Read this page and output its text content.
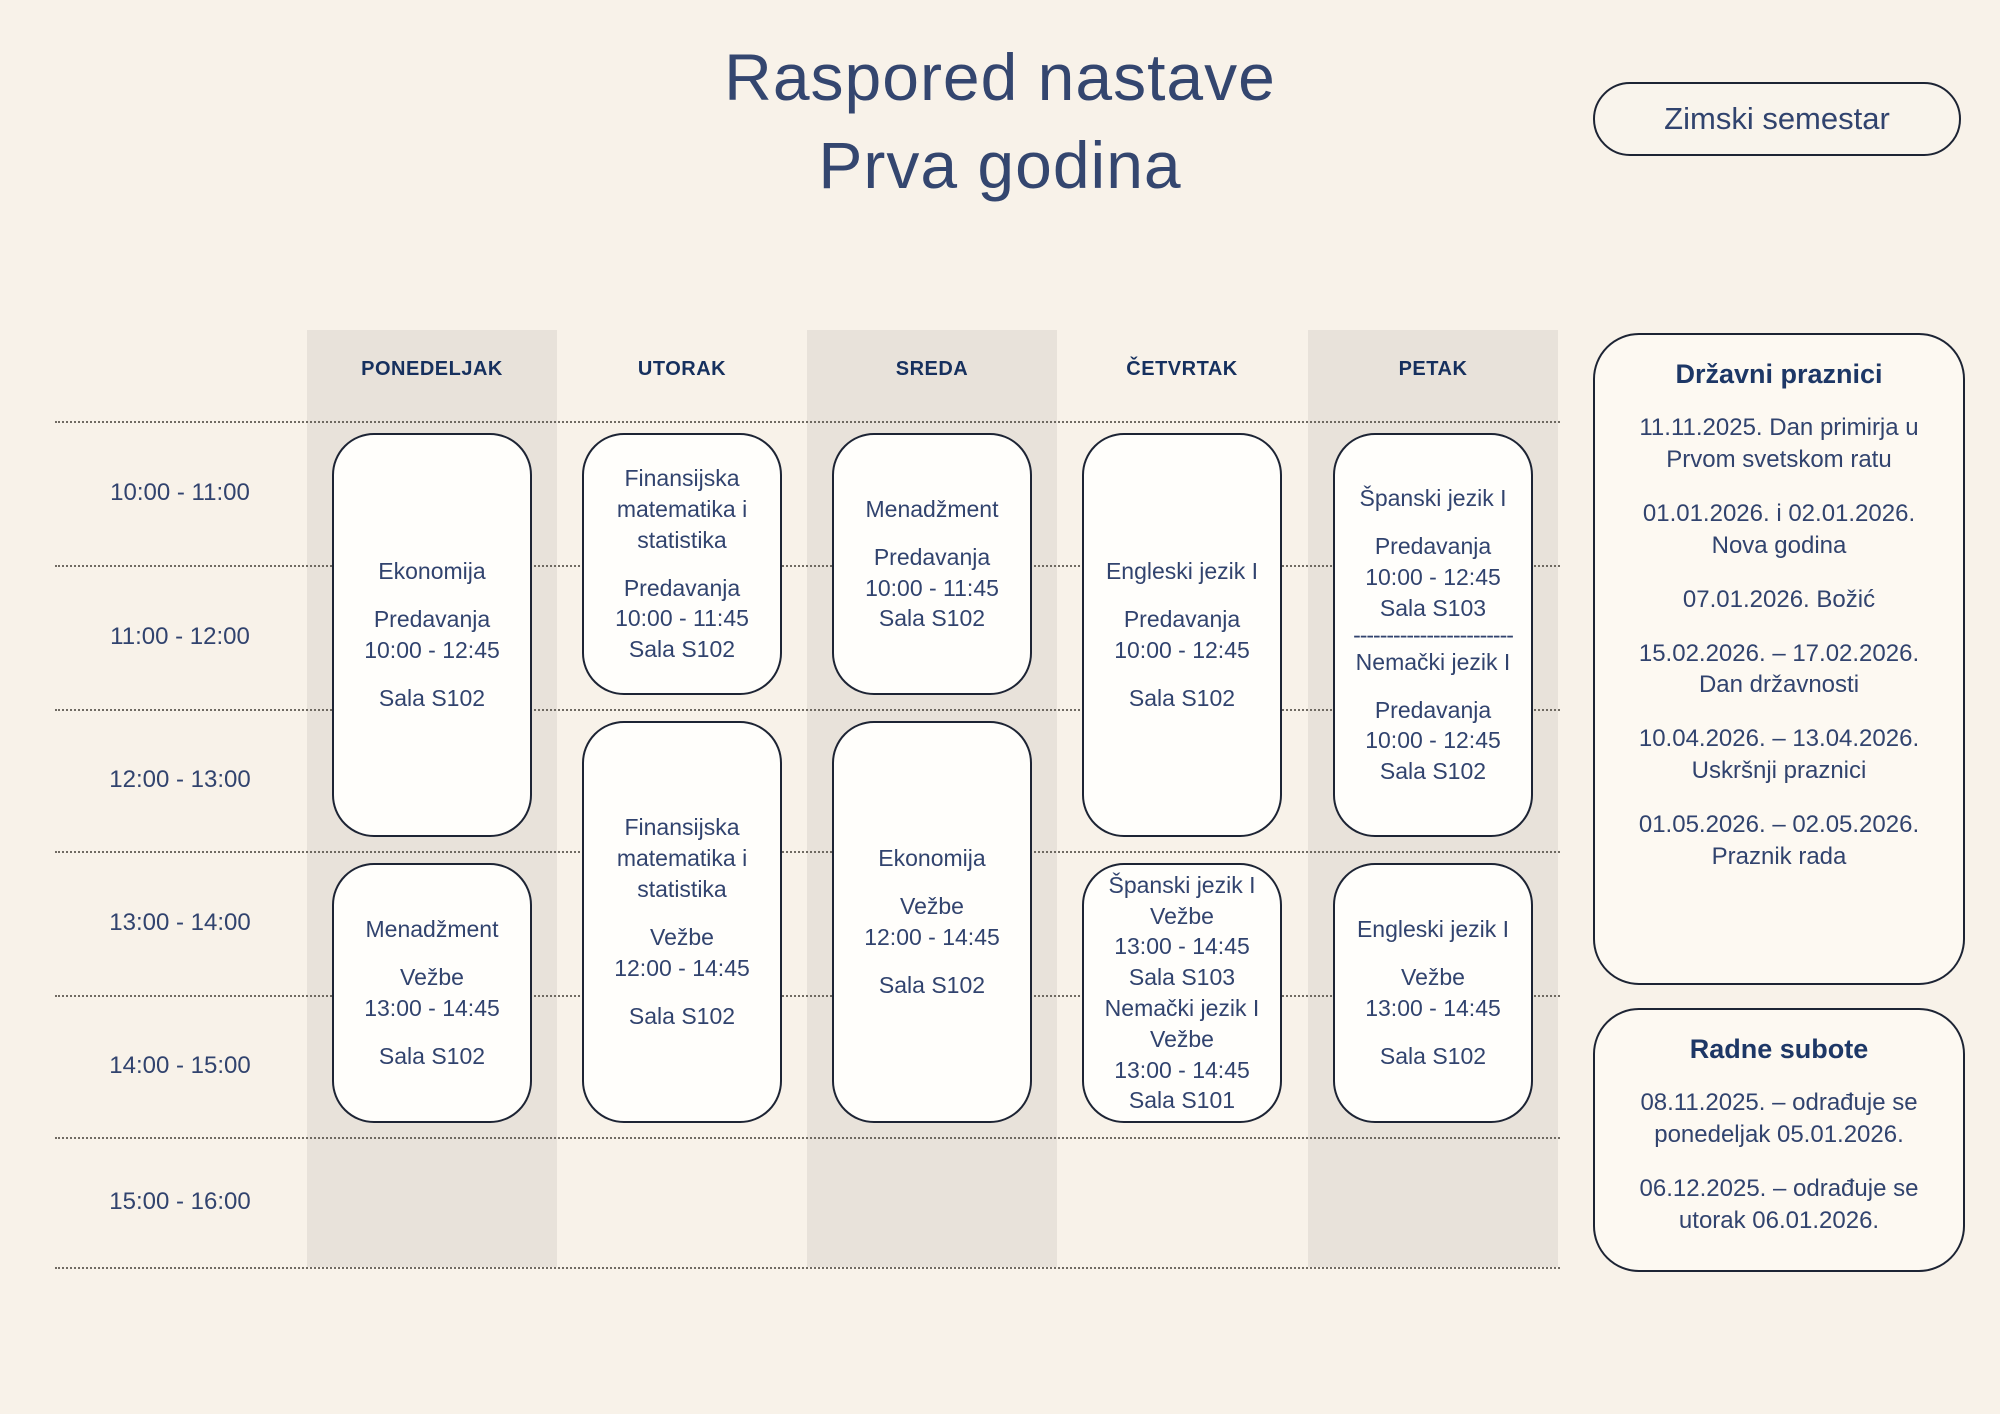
Raspored nastave
Prva godina
Zimski semestar
PONEDELJAK	UTORAK	SREDA	ČETVRTAK	PETAK
10:00 - 11:00
11:00 - 12:00
12:00 - 13:00
13:00 - 14:00
14:00 - 15:00
15:00 - 16:00
Ekonomija
Predavanja
10:00 - 12:45
Sala S102
Menadžment
Vežbe
13:00 - 14:45
Sala S102
Finansijska matematika i statistika
Predavanja
10:00 - 11:45
Sala S102
Finansijska matematika i statistika
Vežbe
12:00 - 14:45
Sala S102
Menadžment
Predavanja
10:00 - 11:45
Sala S102
Ekonomija
Vežbe
12:00 - 14:45
Sala S102
Engleski jezik I
Predavanja
10:00 - 12:45
Sala S102
Španski jezik I
Vežbe
13:00 - 14:45
Sala S103
Nemački jezik I
Vežbe
13:00 - 14:45
Sala S101
Španski jezik I
Predavanja
10:00 - 12:45
Sala S103
------------------------
Nemački jezik I
Predavanja
10:00 - 12:45
Sala S102
Engleski jezik I
Vežbe
13:00 - 14:45
Sala S102
Državni praznici
11.11.2025. Dan primirja u Prvom svetskom ratu
01.01.2026. i 02.01.2026. Nova godina
07.01.2026. Božić
15.02.2026. – 17.02.2026. Dan državnosti
10.04.2026. – 13.04.2026. Uskršnji praznici
01.05.2026. – 02.05.2026. Praznik rada
Radne subote
08.11.2025. – odrađuje se ponedeljak 05.01.2026.
06.12.2025. – odrađuje se utorak 06.01.2026.
